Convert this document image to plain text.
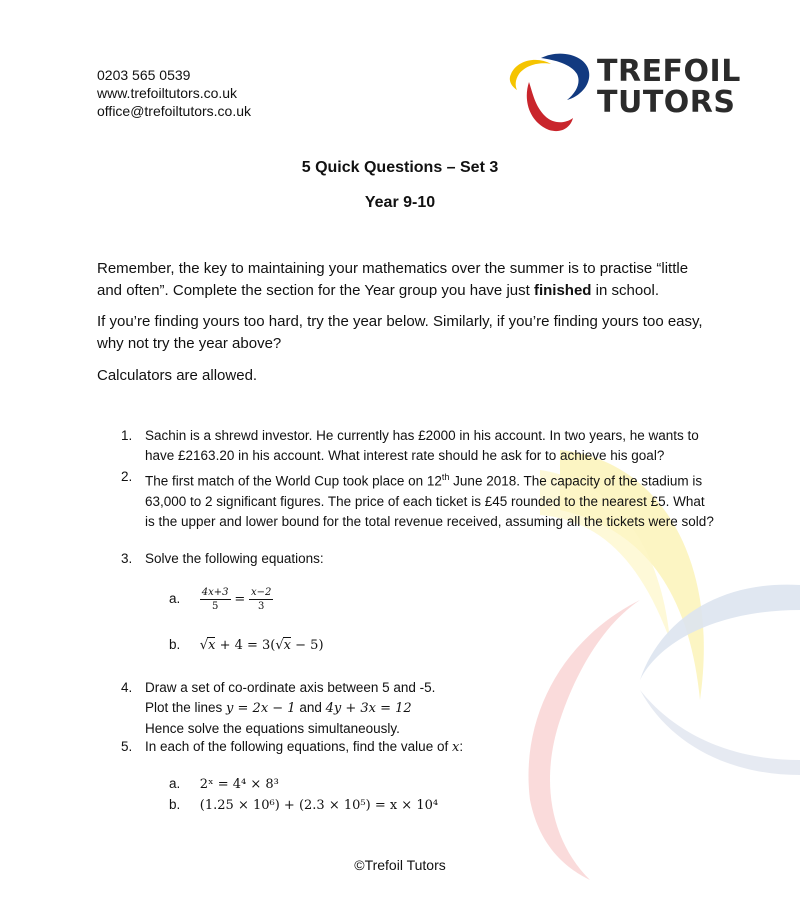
0203 565 0539
www.trefoiltutors.co.uk
office@trefoiltutors.co.uk
TREFOIL
TUTORS
5 Quick Questions – Set 3
Year 9-10
Remember, the key to maintaining your mathematics over the summer is to practise “little and often”. Complete the section for the Year group you have just finished in school.
If you’re finding yours too hard, try the year below. Similarly, if you’re finding yours too easy, why not try the year above?
Calculators are allowed.
1. Sachin is a shrewd investor. He currently has £2000 in his account. In two years, he wants to have £2163.20 in his account. What interest rate should he ask for to achieve his goal?
2. The first match of the World Cup took place on 12th June 2018. The capacity of the stadium is 63,000 to 2 significant figures. The price of each ticket is £45 rounded to the nearest £5. What is the upper and lower bound for the total revenue received, assuming all the tickets were sold?
3. Solve the following equations:
a. $\frac{4x+3}{5} = \frac{x-2}{3}$
b. √x + 4 = 3(√x − 5)
4. Draw a set of co-ordinate axis between 5 and -5.
Plot the lines y = 2x − 1 and 4y + 3x = 12
Hence solve the equations simultaneously.
5. In each of the following equations, find the value of x:
a. 2ˣ = 4⁴ × 8³
b. (1.25 × 10⁶) + (2.3 × 10⁵) = x × 10⁴
©Trefoil Tutors
